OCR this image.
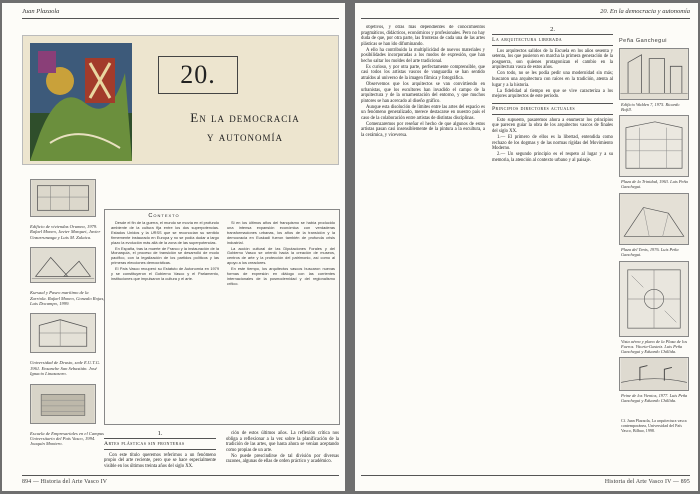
Juan Plazaola
20.
En la democracia
y autonomía
Edificio de viviendas Orumea, 1979. Rafael Moneo, Javier Marquet, Javier Unzurrunzaga y Luis M. Zulaica.
Kursaal y Paseo marítimo de la Zurriola. Rafael Moneo, Gonzalo Rojas, Luis Docampo, 1999.
Universidad de Deusto, sede E.U.T.G. 1961. Ensanche San Sebastián. José Ignacio Linazasoro.
Escuela de Empresariales en el Campus Universitario del País Vasco, 1994. Joaquín Montero.
Contexto

Desde el fin de la guerra, el mundo se movía en el profundo ambiente de la cultura fija entre los dos superpotencias. Estados Unidos y la URSS que se reconocían su sentido firmemente instaurado en Europa y no se podía dudar a largo plazo la evolución más allá de la zona de las superpotencias.

En España, tras la muerte de Franco y la instauración de la Monarquía, el proceso de transición se desarrolló de modo pacífico, con la legalización de los partidos políticos y las primeras elecciones democráticas.

El País Vasco recuperó su Estatuto de Autonomía en 1979 y se constituyeron el Gobierno Vasco y el Parlamento, instituciones que impulsaron la cultura y el arte.

Si en los últimos años del franquismo se había producido una intensa expansión económica con verdaderas transformaciones urbanas, los años de la transición y la democracia en Euskadi fueron también de profunda crisis industrial.

La acción cultural de las Diputaciones Forales y del Gobierno Vasco se orientó hacia la creación de museos, centros de arte y la protección del patrimonio, así como al apoyo a los creadores.

En este tiempo, los arquitectos vascos buscaron nuevas formas de expresión en diálogo con las corrientes internacionales de la posmodernidad y del regionalismo crítico.

1.
Artes plásticas sin fronteras

Con este título queremos referirnos a un fenómeno propio del arte reciente, pero que se hace especialmente visible en los últimos treinta años del siglo XX.

ción de estos últimos años. La reflexión crítica nos obliga a reflexionar a la vez sobre la planificación de la tradición de las artes, que hasta ahora se venían aceptando como propias de un arte.

No puede prescindirse de tal división por diversas razones, algunas de ellas de orden práctico y académico.

894 — Historia del Arte Vasco IV
20. En la democracia y autonomía

objetivos, y otras más dependientes de conocimientos pragmáticos, didácticos, económicos y profesionales. Pero no hay duda de que, por otra parte, las fronteras de cada una de las artes plásticas se han ido difuminando.

A ello ha contribuido la multiplicidad de nuevos materiales y posibilidades incorporadas a los modos de expresión, que han hecho saltar los moldes del arte tradicional.

Es curioso, y por otra parte, perfectamente comprensible, que casi todos los artistas vascos de vanguardia se han sentido atraídos al universo de la imagen fílmica y fotográfica.

Observemos que los arquitectos se van convirtiendo en urbanistas, que los escultores han invadido el campo de la arquitectura y de la ornamentación del entorno, y que muchos pintores se han acercado al diseño gráfico.

Aunque esta disolución de límites entre las artes del espacio es un fenómeno generalizado, merece destacarse en nuestro país el caso de la colaboración entre artistas de distintas disciplinas.

Comenzaremos por reseñar el hecho de que algunos de estos artistas pasan casi insensiblemente de la pintura a la escultura, a la cerámica, y viceversa.

2.
La arquitectura liberada

Los arquitectos salidos de la Escuela en los años sesenta y setenta, los que pusieron en marcha la primera generación de la posguerra, son quienes protagonizan el cambio en la arquitectura vasca de estos años.

Con todo, no se les podía pedir una modernidad sin más; buscaron una arquitectura con raíces en la tradición, atenta al lugar y a la historia.

La fidelidad al tiempo en que se vive caracteriza a los mejores arquitectos de este periodo.

Principios directores actuales

Esto supuesto, pasaremos ahora a enumerar los principios que parecen guiar la obra de los arquitectos vascos de finales del siglo XX.

1.— El primero de ellos es la libertad, entendida como rechazo de los dogmas y de las normas rígidas del Movimiento Moderno.

2.— Un segundo principio es el respeto al lugar y a su memoria, la atención al contexto urbano y al paisaje.

Peña Ganchegui
Edificio Walden 7, 1975. Ricardo Bofill.
Plaza de la Trinidad, 1963. Luis Peña Ganchegui.
Plaza del Tenis, 1976. Luis Peña Ganchegui.
Vista aérea y plano de la Plaza de los Fueros. Vitoria-Gasteiz. Luis Peña Ganchegui y Eduardo Chillida.
Peine de los Vientos, 1977. Luis Peña Ganchegui y Eduardo Chillida.
Cf. Juan Plazaola, La arquitectura vasca contemporánea, Universidad del País Vasco, Bilbao, 1998.
Historia del Arte Vasco IV — 895
